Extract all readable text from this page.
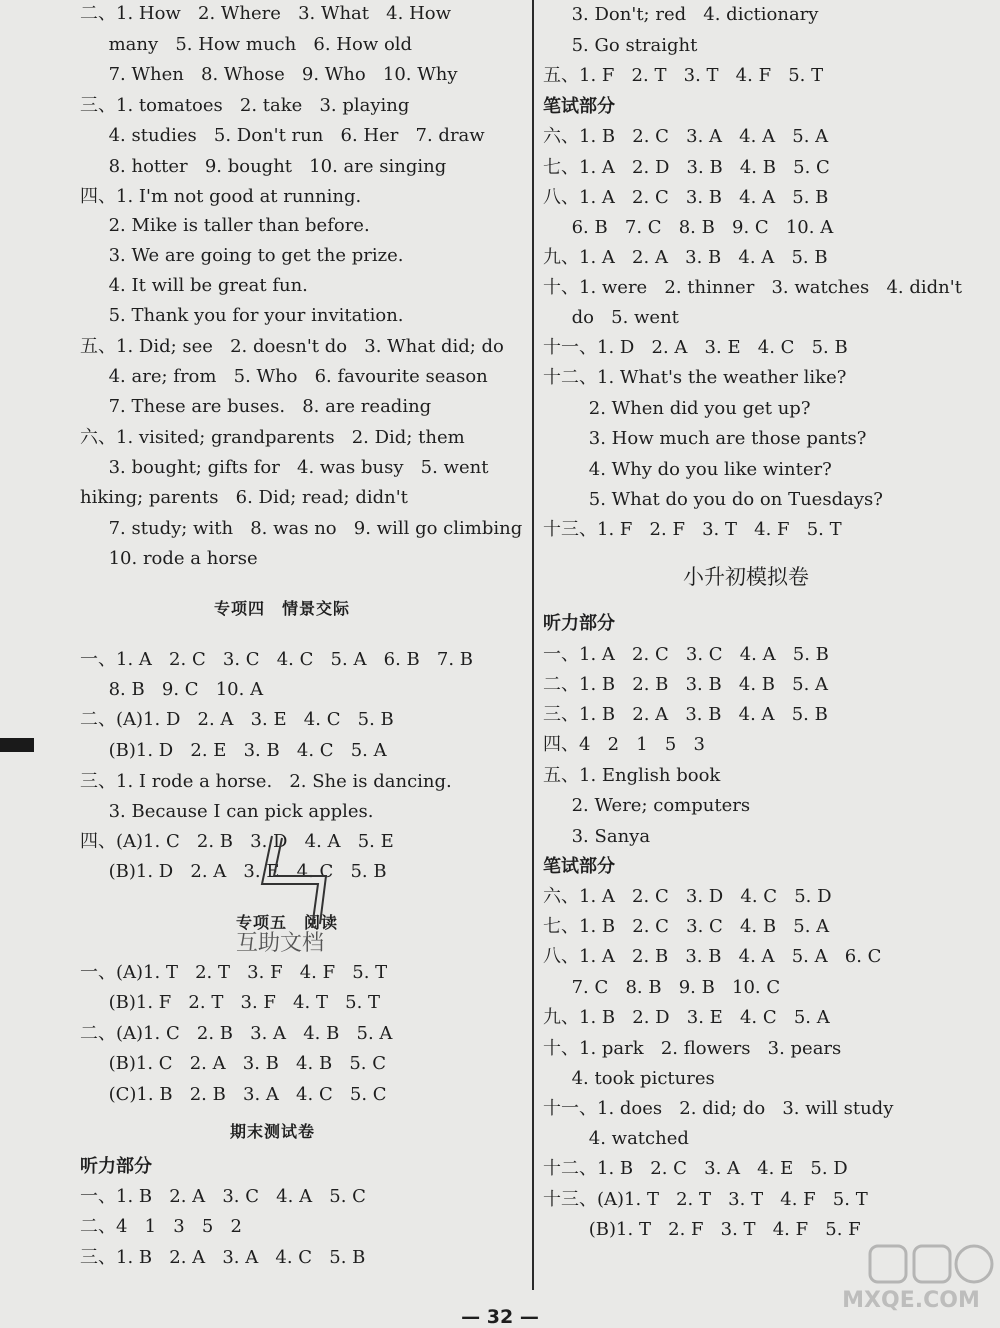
二、1. How   2. Where   3. What   4. How
many   5. How much   6. How old
7. When   8. Whose   9. Who   10. Why
三、1. tomatoes   2. take   3. playing
4. studies   5. Don't run   6. Her   7. draw
8. hotter   9. bought   10. are singing
四、1. I'm not good at running.
2. Mike is taller than before.
3. We are going to get the prize.
4. It will be great fun.
5. Thank you for your invitation.
五、1. Did; see   2. doesn't do   3. What did; do
4. are; from   5. Who   6. favourite season
7. These are buses.   8. are reading
六、1. visited; grandparents   2. Did; them
3. bought; gifts for   4. was busy   5. went
hiking; parents   6. Did; read; didn't
7. study; with   8. was no   9. will go climbing
10. rode a horse
专项四　情景交际
一、1. A   2. C   3. C   4. C   5. A   6. B   7. B
8. B   9. C   10. A
二、(A)1. D   2. A   3. E   4. C   5. B
(B)1. D   2. E   3. B   4. C   5. A
三、1. I rode a horse.   2. She is dancing.
3. Because I can pick apples.
四、(A)1. C   2. B   3. D   4. A   5. E
(B)1. D   2. A   3. E   4. C   5. B
专项五　阅读
一、(A)1. T   2. T   3. F   4. F   5. T
(B)1. F   2. T   3. F   4. T   5. T
二、(A)1. C   2. B   3. A   4. B   5. A
(B)1. C   2. A   3. B   4. B   5. C
(C)1. B   2. B   3. A   4. C   5. C
期末测试卷
听力部分
一、1. B   2. A   3. C   4. A   5. C
二、4   1   3   5   2
三、1. B   2. A   3. A   4. C   5. B
3. Don't; red   4. dictionary
5. Go straight
五、1. F   2. T   3. T   4. F   5. T
笔试部分
六、1. B   2. C   3. A   4. A   5. A
七、1. A   2. D   3. B   4. B   5. C
八、1. A   2. C   3. B   4. A   5. B
6. B   7. C   8. B   9. C   10. A
九、1. A   2. A   3. B   4. A   5. B
十、1. were   2. thinner   3. watches   4. didn't
do   5. went
十一、1. D   2. A   3. E   4. C   5. B
十二、1. What's the weather like?
2. When did you get up?
3. How much are those pants?
4. Why do you like winter?
5. What do you do on Tuesdays?
十三、1. F   2. F   3. T   4. F   5. T
小升初模拟卷
听力部分
一、1. A   2. C   3. C   4. A   5. B
二、1. B   2. B   3. B   4. B   5. A
三、1. B   2. A   3. B   4. A   5. B
四、4   2   1   5   3
五、1. English book
2. Were; computers
3. Sanya
笔试部分
六、1. A   2. C   3. D   4. C   5. D
七、1. B   2. C   3. C   4. B   5. A
八、1. A   2. B   3. B   4. A   5. A   6. C
7. C   8. B   9. B   10. C
九、1. B   2. D   3. E   4. C   5. A
十、1. park   2. flowers   3. pears
4. took pictures
十一、1. does   2. did; do   3. will study
4. watched
十二、1. B   2. C   3. A   4. E   5. D
十三、(A)1. T   2. T   3. T   4. F   5. T
(B)1. T   2. F   3. T   4. F   5. F
互助文档
MXQE.COM
— 32 —
